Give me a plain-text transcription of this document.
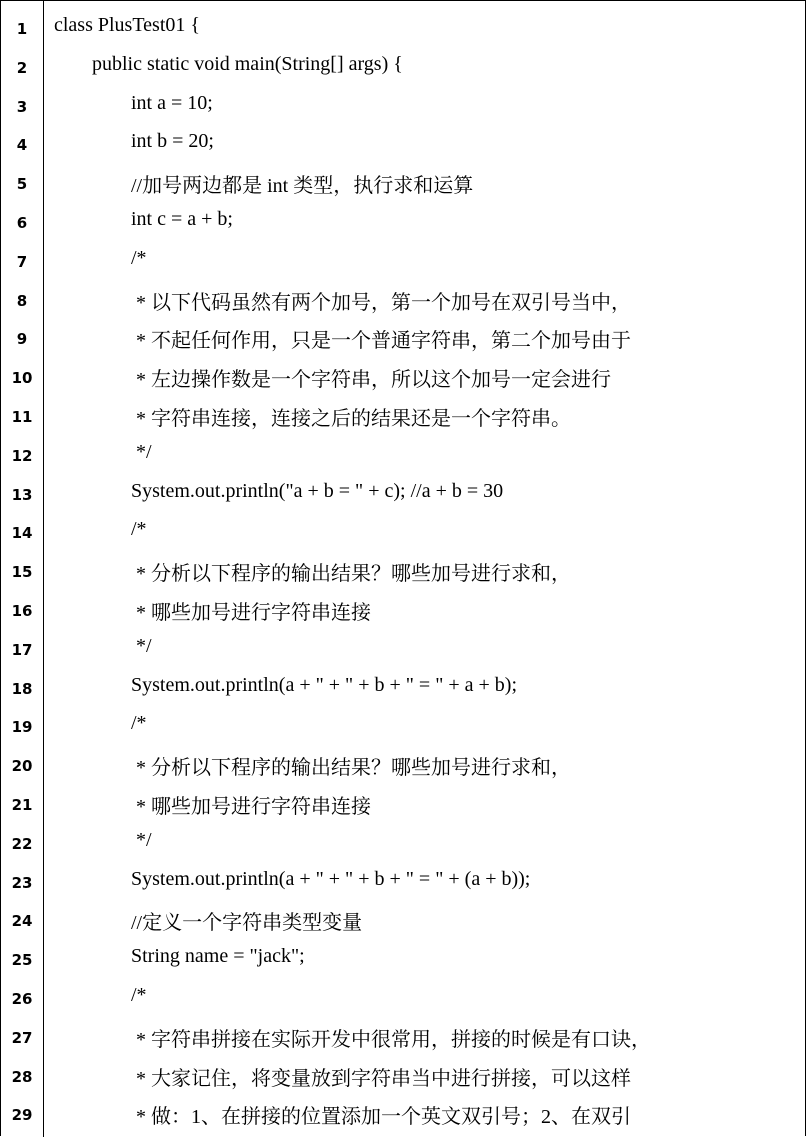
1	class PlusTest01 {
2	public static void main(String[] args) {
3	int a = 10;
4	int b = 20;
5	//加号两边都是 int 类型，执行求和运算
6	int c = a + b;
7	/*
8	* 以下代码虽然有两个加号，第一个加号在双引号当中，
9	* 不起任何作用，只是一个普通字符串，第二个加号由于
10	* 左边操作数是一个字符串，所以这个加号一定会进行
11	* 字符串连接，连接之后的结果还是一个字符串。
12	*/
13	System.out.println("a + b = " + c); //a + b = 30
14	/*
15	* 分析以下程序的输出结果？哪些加号进行求和，
16	* 哪些加号进行字符串连接
17	*/
18	System.out.println(a + " + " + b + " = " + a + b);
19	/*
20	* 分析以下程序的输出结果？哪些加号进行求和，
21	* 哪些加号进行字符串连接
22	*/
23	System.out.println(a + " + " + b + " = " + (a + b));
24	//定义一个字符串类型变量
25	String name = "jack";
26	/*
27	* 字符串拼接在实际开发中很常用，拼接的时候是有口诀，
28	* 大家记住，将变量放到字符串当中进行拼接，可以这样
29	* 做：1、在拼接的位置添加一个英文双引号；2、在双引
